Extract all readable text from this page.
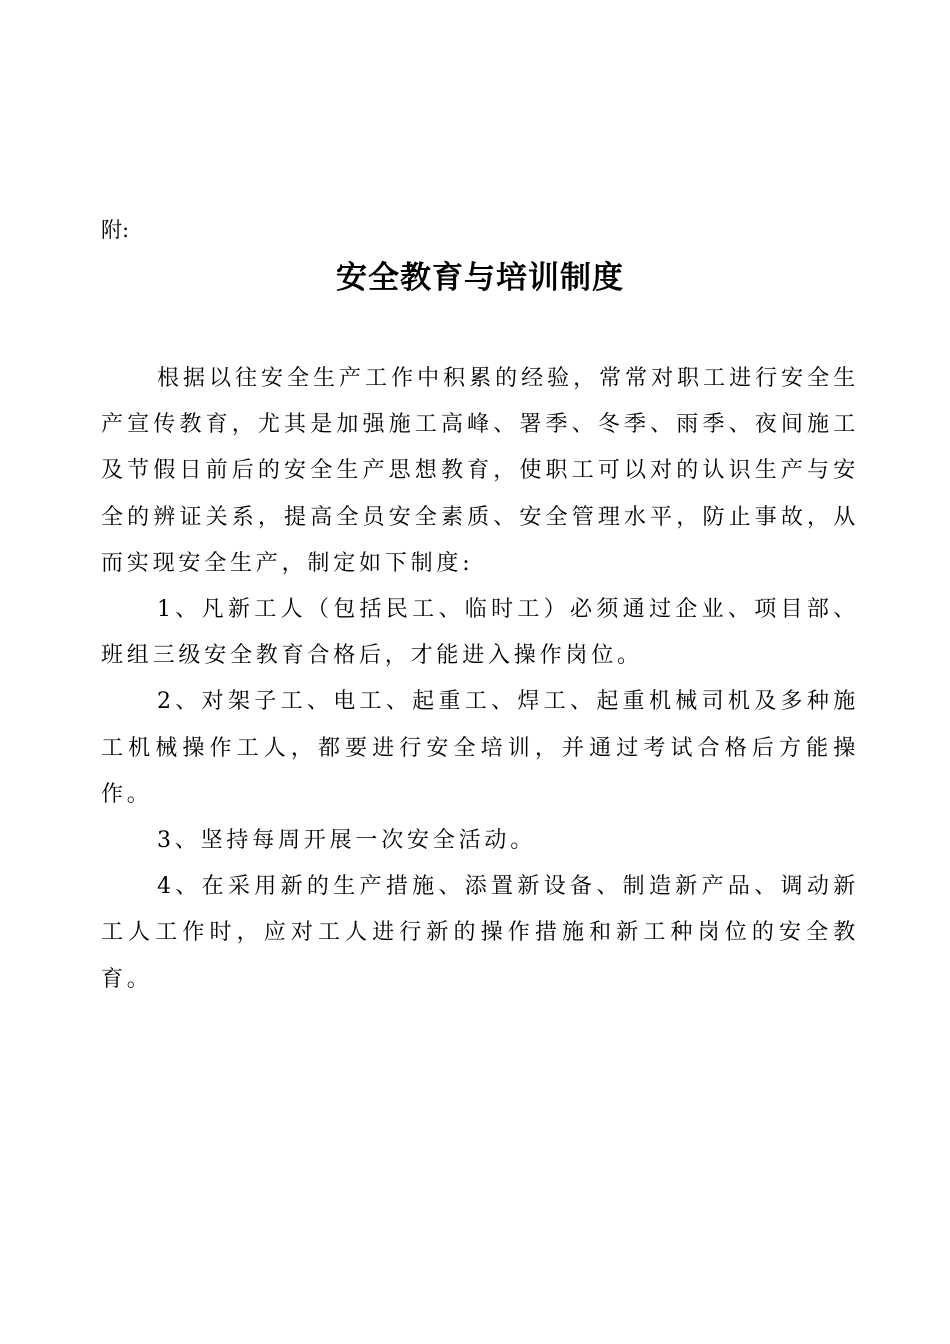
附:
安全教育与培训制度

根据以往安全生产工作中积累的经验，常常对职工进行安全生产宣传教育，尤其是加强施工高峰、署季、冬季、雨季、夜间施工及节假日前后的安全生产思想教育，使职工可以对的认识生产与安全的辨证关系，提高全员安全素质、安全管理水平，防止事故，从而实现安全生产，制定如下制度:

1、凡新工人（包括民工、临时工）必须通过企业、项目部、班组三级安全教育合格后，才能进入操作岗位。

2、对架子工、电工、起重工、焊工、起重机械司机及多种施工机械操作工人，都要进行安全培训，并通过考试合格后方能操作。

3、坚持每周开展一次安全活动。

4、在采用新的生产措施、添置新设备、制造新产品、调动新工人工作时，应对工人进行新的操作措施和新工种岗位的安全教育。
